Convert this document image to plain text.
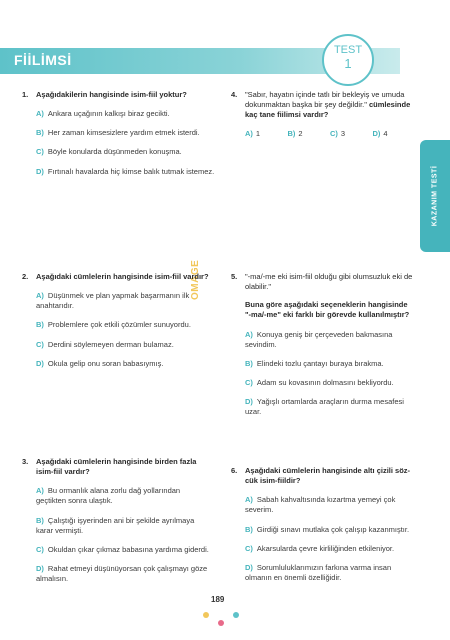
FİİLİMSİ
TEST
1
KAZANIM TESTİ
OMAGE
1. Aşağıdakilerin hangisinde isim-fiil yoktur?
A) Ankara uçağının kalkışı biraz gecikti.
B) Her zaman kimsesizlere yardım etmek isterdi.
C) Böyle konularda düşünmeden konuşma.
D) Fırtınalı havalarda hiç kimse balık tutmak istemez.
4. "Sabır, hayatın içinde tatlı bir bekleyiş ve umuda dokunmaktan başka bir şey değildir." cümlesinde kaç tane fiilimsi vardır?
A) 1	B) 2	C) 3	D) 4
2. Aşağıdaki cümlelerin hangisinde isim-fiil vardır?
A) Düşünmek ve plan yapmak başarmanın ilk anahtarıdır.
B) Problemlere çok etkili çözümler sunuyordu.
C) Derdini söylemeyen derman bulamaz.
D) Okula gelip onu soran babasıymış.
5. "-ma/-me eki isim-fiil olduğu gibi olumsuzluk eki de olabilir."
Buna göre aşağıdaki seçeneklerin hangisinde "-ma/-me" eki farklı bir görevde kullanılmıştır?
A) Konuya geniş bir çerçeveden bakmasına sevindim.
B) Elindeki tozlu çantayı buraya bırakma.
C) Adam su kovasının dolmasını bekliyordu.
D) Yağışlı ortamlarda araçların durma mesafesi uzar.
3. Aşağıdaki cümlelerin hangisinde birden fazla isim-fiil vardır?
A) Bu ormanlık alana zorlu dağ yollarından geçtikten sonra ulaştık.
B) Çalıştığı işyerinden ani bir şekilde ayrılmaya karar vermişti.
C) Okuldan çıkar çıkmaz babasına yardıma giderdi.
D) Rahat etmeyi düşünüyorsan çok çalışmayı göze almalısın.
6. Aşağıdaki cümlelerin hangisinde altı çizili söz-cük isim-fiildir?
A) Sabah kahvaltısında kızartma yemeyi çok severim.
B) Girdiği sınavı mutlaka çok çalışıp kazanmıştır.
C) Akarsularda çevre kirliliğinden etkileniyor.
D) Sorumluluklarımızın farkına varma insan olmanın en önemli özelliğidir.
189
